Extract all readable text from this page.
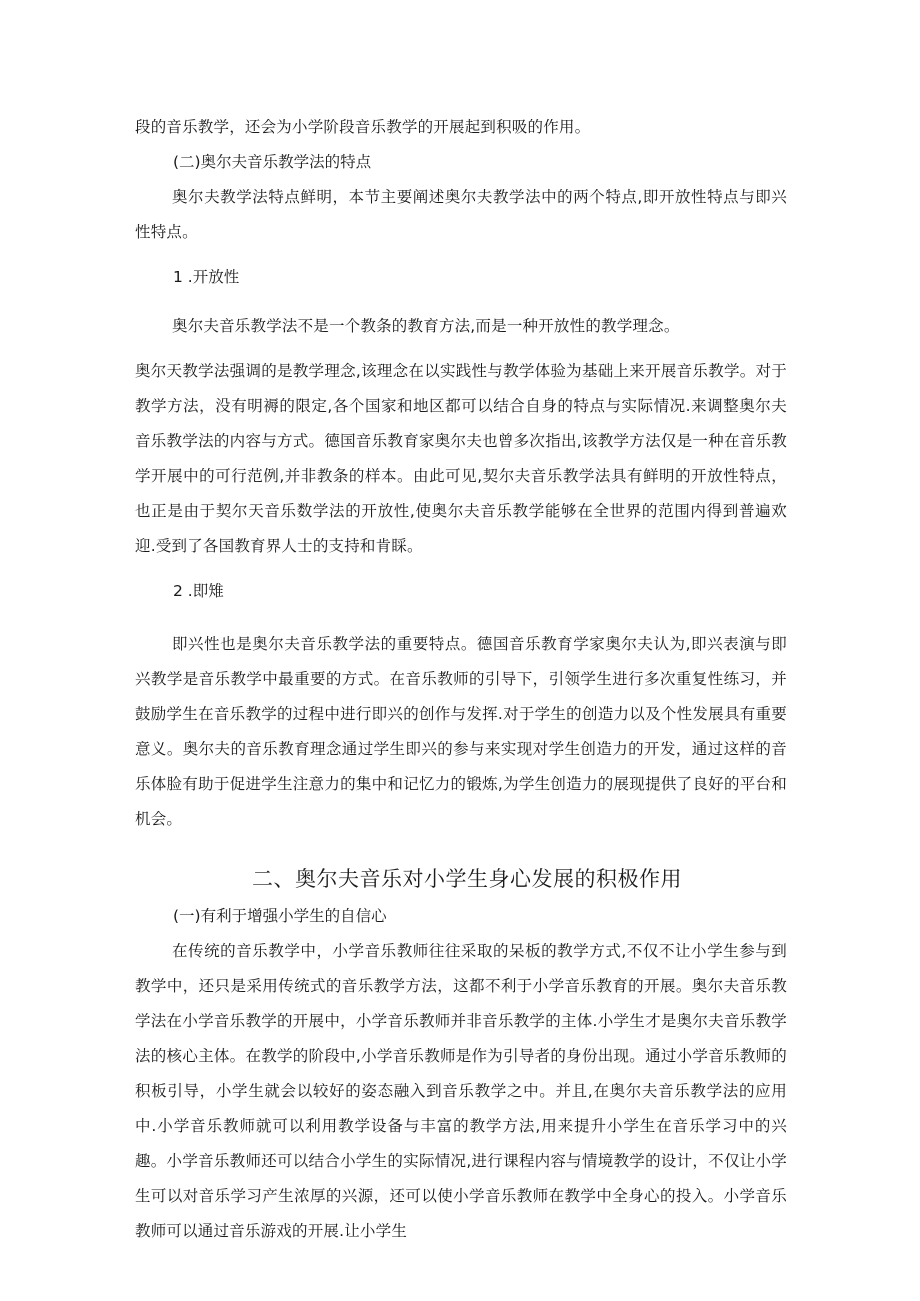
段的音乐教学，还会为小学阶段音乐教学的开展起到积吸的作用。

(二)奥尔夫音乐教学法的特点

奥尔夫教学法特点鲜明，本节主要阐述奥尔夫教学法中的两个特点,即开放性特点与即兴性特点。

1 .开放性

奥尔夫音乐教学法不是一个教条的教育方法,而是一种开放性的教学理念。

奥尔天教学法强调的是教学理念,该理念在以实践性与教学体验为基础上来开展音乐教学。对于教学方法，没有明褥的限定,各个国家和地区都可以结合自身的特点与实际情况.来调整奥尔夫音乐教学法的内容与方式。德国音乐教育家奥尔夫也曾多次指出,该教学方法仅是一种在音乐教学开展中的可行范例,并非教条的样本。由此可见,契尔夫音乐教学法具有鲜明的开放性特点，也正是由于契尔天音乐数学法的开放性,使奥尔夫音乐教学能够在全世界的范围内得到普遍欢迎.受到了各国教育界人士的支持和肯睬。

2 .即雉

即兴性也是奥尔夫音乐教学法的重要特点。德国音乐教育学家奥尔夫认为,即兴表演与即兴教学是音乐教学中最重要的方式。在音乐教师的引导下，引领学生进行多次重复性练习，并鼓励学生在音乐教学的过程中进行即兴的创作与发挥.对于学生的创造力以及个性发展具有重要意义。奥尔夫的音乐教育理念通过学生即兴的参与来实现对学生创造力的开发，通过这样的音乐体脸有助于促进学生注意力的集中和记忆力的锻炼,为学生创造力的展现提供了良好的平台和机会。

二、奥尔夫音乐对小学生身心发展的积极作用

(一)有利于增强小学生的自信心

在传统的音乐教学中，小学音乐教师往往采取的呆板的教学方式,不仅不让小学生参与到教学中，还只是采用传统式的音乐教学方法，这都不利于小学音乐教育的开展。奥尔夫音乐教学法在小学音乐教学的开展中，小学音乐教师并非音乐教学的主体.小学生才是奥尔夫音乐教学法的核心主体。在教学的阶段中,小学音乐教师是作为引导者的身份出现。通过小学音乐教师的积板引导，小学生就会以较好的姿态融入到音乐教学之中。并且,在奥尔夫音乐教学法的应用中.小学音乐教师就可以利用教学设备与丰富的教学方法,用来提升小学生在音乐学习中的兴趣。小学音乐教师还可以结合小学生的实际情况,进行课程内容与情境教学的设计，不仅让小学生可以对音乐学习产生浓厚的兴源，还可以使小学音乐教师在教学中全身心的投入。小学音乐教师可以通过音乐游戏的开展.让小学生
